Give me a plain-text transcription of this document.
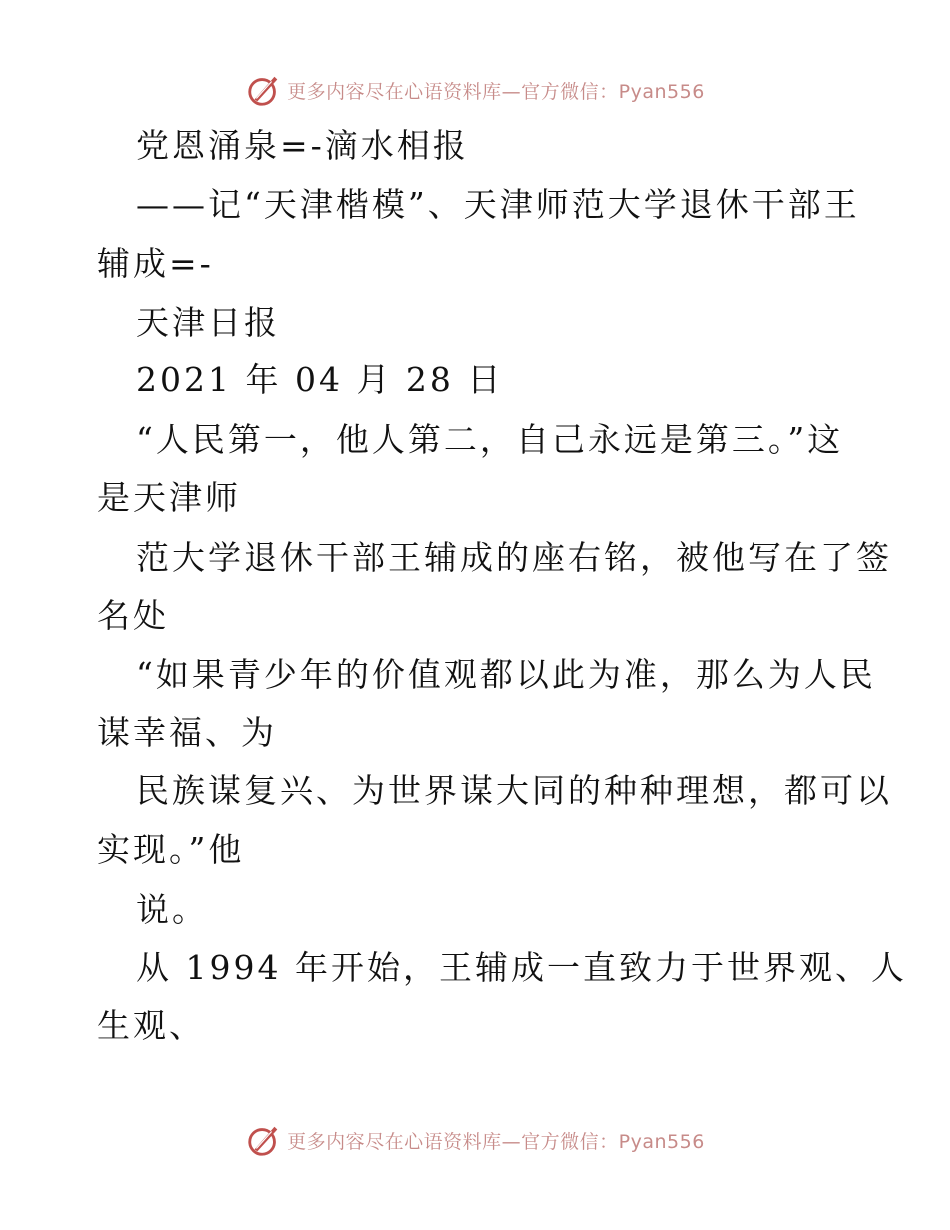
更多内容尽在心语资料库—官方微信：Pyan556
党恩涌泉=-滴水相报
——记“天津楷模”、天津师范大学退休干部王
辅成=-
天津日报
2021 年 04 月 28 日
“人民第一，他人第二，自己永远是第三。”这
是天津师
范大学退休干部王辅成的座右铭，被他写在了签
名处
“如果青少年的价值观都以此为准，那么为人民
谋幸福、为
民族谋复兴、为世界谋大同的种种理想，都可以
实现。”他
说。
从 1994 年开始，王辅成一直致力于世界观、人
生观、
更多内容尽在心语资料库—官方微信：Pyan556
